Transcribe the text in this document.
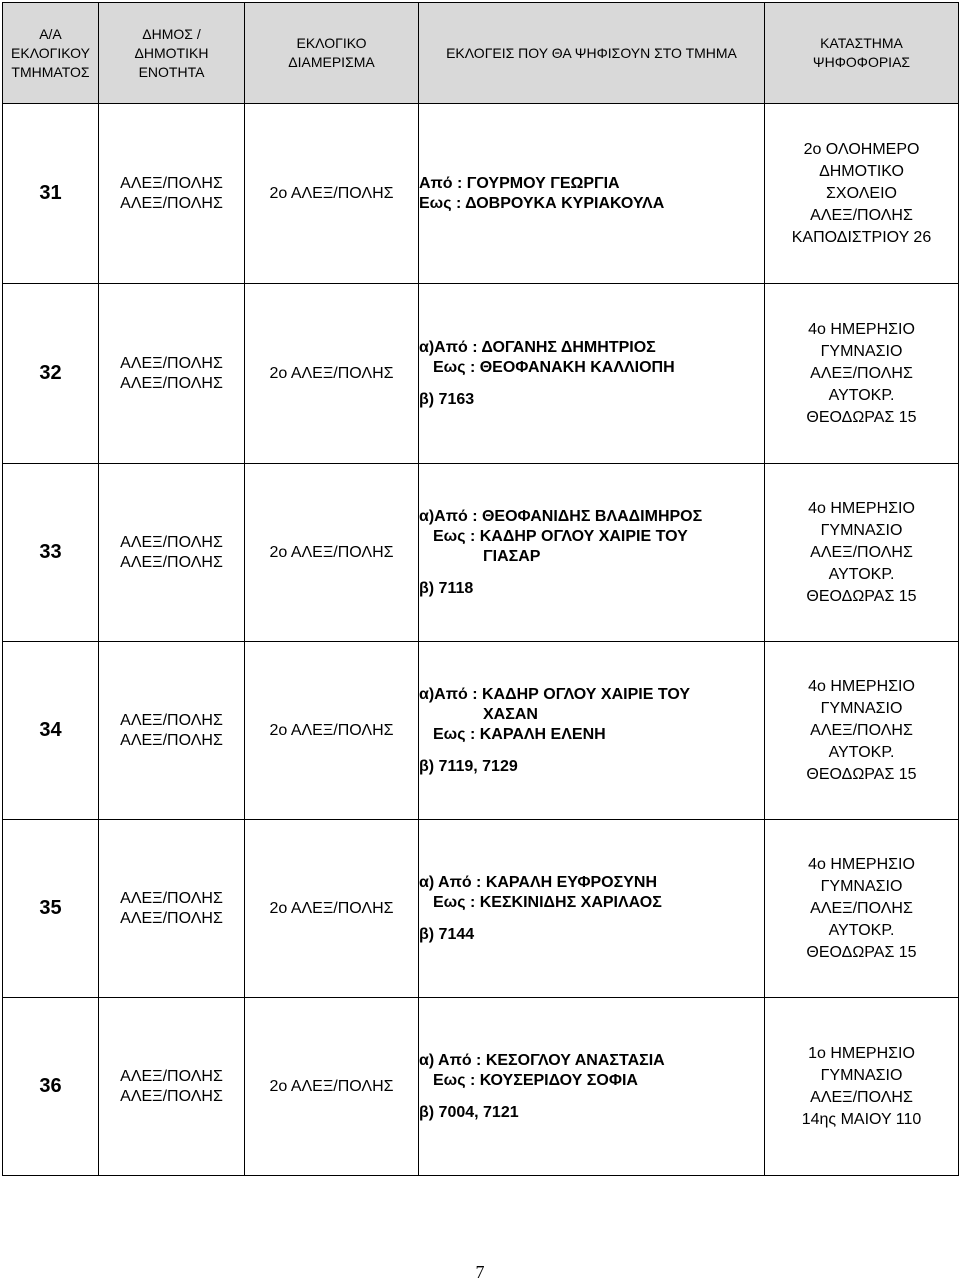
Α/Α
ΕΚΛΟΓΙΚΟΥ
ΤΜΗΜΑΤΟΣ	ΔΗΜΟΣ /
ΔΗΜΟΤΙΚΗ
ΕΝΟΤΗΤΑ	ΕΚΛΟΓΙΚΟ
ΔΙΑΜΕΡΙΣΜΑ	ΕΚΛΟΓΕΙΣ ΠΟΥ ΘΑ ΨΗΦΙΣΟΥΝ ΣΤΟ ΤΜΗΜΑ	ΚΑΤΑΣΤΗΜΑ
ΨΗΦΟΦΟΡΙΑΣ

31	ΑΛΕΞ/ΠΟΛΗΣ
ΑΛΕΞ/ΠΟΛΗΣ	2ο ΑΛΕΞ/ΠΟΛΗΣ	Από : ΓΟΥΡΜΟΥ ΓΕΩΡΓΙΑ
Εως : ΔΟΒΡΟΥΚΑ ΚΥΡΙΑΚΟΥΛΑ	2ο ΟΛΟΗΜΕΡΟ
ΔΗΜΟΤΙΚΟ
ΣΧΟΛΕΙΟ
ΑΛΕΞ/ΠΟΛΗΣ
ΚΑΠΟΔΙΣΤΡΙΟΥ 26

32	ΑΛΕΞ/ΠΟΛΗΣ
ΑΛΕΞ/ΠΟΛΗΣ	2ο ΑΛΕΞ/ΠΟΛΗΣ	α)Από : ΔΟΓΑΝΗΣ ΔΗΜΗΤΡΙΟΣ
Εως : ΘΕΟΦΑΝΑΚΗ ΚΑΛΛΙΟΠΗ
β) 7163	4ο ΗΜΕΡΗΣΙΟ
ΓΥΜΝΑΣΙΟ
ΑΛΕΞ/ΠΟΛΗΣ
ΑΥΤΟΚΡ.
ΘΕΟΔΩΡΑΣ 15

33	ΑΛΕΞ/ΠΟΛΗΣ
ΑΛΕΞ/ΠΟΛΗΣ	2ο ΑΛΕΞ/ΠΟΛΗΣ	α)Από : ΘΕΟΦΑΝΙΔΗΣ ΒΛΑΔΙΜΗΡΟΣ
Εως : ΚΑΔΗΡ ΟΓΛΟΥ ΧΑΙΡΙΕ ΤΟΥ
ΓΙΑΣΑΡ
β) 7118	4ο ΗΜΕΡΗΣΙΟ
ΓΥΜΝΑΣΙΟ
ΑΛΕΞ/ΠΟΛΗΣ
ΑΥΤΟΚΡ.
ΘΕΟΔΩΡΑΣ 15

34	ΑΛΕΞ/ΠΟΛΗΣ
ΑΛΕΞ/ΠΟΛΗΣ	2ο ΑΛΕΞ/ΠΟΛΗΣ	α)Από : ΚΑΔΗΡ ΟΓΛΟΥ ΧΑΙΡΙΕ ΤΟΥ
ΧΑΣΑΝ
Εως : ΚΑΡΑΛΗ ΕΛΕΝΗ
β) 7119, 7129	4ο ΗΜΕΡΗΣΙΟ
ΓΥΜΝΑΣΙΟ
ΑΛΕΞ/ΠΟΛΗΣ
ΑΥΤΟΚΡ.
ΘΕΟΔΩΡΑΣ 15

35	ΑΛΕΞ/ΠΟΛΗΣ
ΑΛΕΞ/ΠΟΛΗΣ	2ο ΑΛΕΞ/ΠΟΛΗΣ	α) Από : ΚΑΡΑΛΗ ΕΥΦΡΟΣΥΝΗ
Εως : ΚΕΣΚΙΝΙΔΗΣ ΧΑΡΙΛΑΟΣ
β) 7144	4ο ΗΜΕΡΗΣΙΟ
ΓΥΜΝΑΣΙΟ
ΑΛΕΞ/ΠΟΛΗΣ
ΑΥΤΟΚΡ.
ΘΕΟΔΩΡΑΣ 15

36	ΑΛΕΞ/ΠΟΛΗΣ
ΑΛΕΞ/ΠΟΛΗΣ	2ο ΑΛΕΞ/ΠΟΛΗΣ	α) Από : ΚΕΣΟΓΛΟΥ ΑΝΑΣΤΑΣΙΑ
Εως : ΚΟΥΣΕΡΙΔΟΥ ΣΟΦΙΑ
β) 7004, 7121	1ο ΗΜΕΡΗΣΙΟ
ΓΥΜΝΑΣΙΟ
ΑΛΕΞ/ΠΟΛΗΣ
14ης ΜΑΙΟΥ 110
7
